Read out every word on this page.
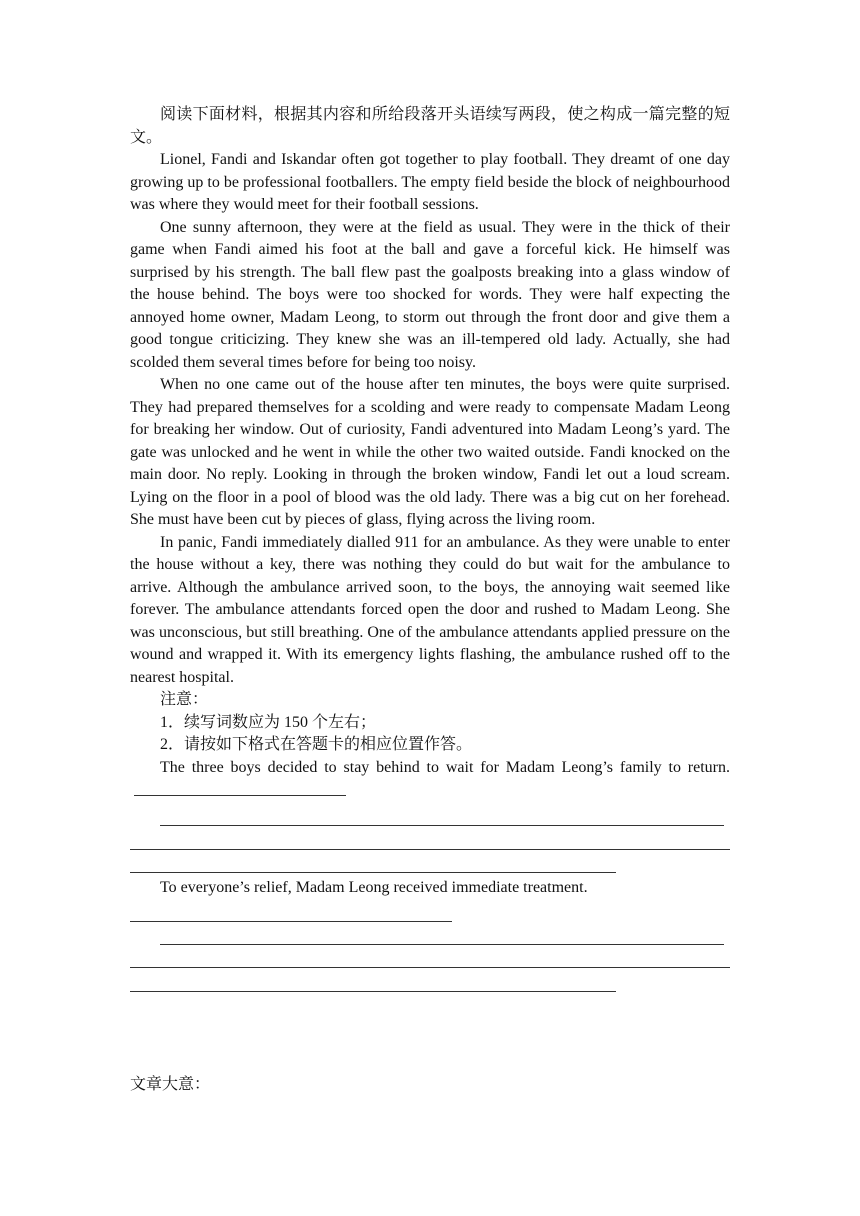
阅读下面材料，根据其内容和所给段落开头语续写两段，使之构成一篇完整的短文。

Lionel, Fandi and Iskandar often got together to play football. They dreamt of one day growing up to be professional footballers. The empty field beside the block of neighbourhood was where they would meet for their football sessions.

One sunny afternoon, they were at the field as usual. They were in the thick of their game when Fandi aimed his foot at the ball and gave a forceful kick. He himself was surprised by his strength. The ball flew past the goalposts breaking into a glass window of the house behind. The boys were too shocked for words. They were half expecting the annoyed home owner, Madam Leong, to storm out through the front door and give them a good tongue criticizing. They knew she was an ill-tempered old lady. Actually, she had scolded them several times before for being too noisy.

When no one came out of the house after ten minutes, the boys were quite surprised. They had prepared themselves for a scolding and were ready to compensate Madam Leong for breaking her window. Out of curiosity, Fandi adventured into Madam Leong’s yard. The gate was unlocked and he went in while the other two waited outside. Fandi knocked on the main door. No reply. Looking in through the broken window, Fandi let out a loud scream. Lying on the floor in a pool of blood was the old lady. There was a big cut on her forehead. She must have been cut by pieces of glass, flying across the living room.

In panic, Fandi immediately dialled 911 for an ambulance. As they were unable to enter the house without a key, there was nothing they could do but wait for the ambulance to arrive. Although the ambulance arrived soon, to the boys, the annoying wait seemed like forever. The ambulance attendants forced open the door and rushed to Madam Leong. She was unconscious, but still breathing. One of the ambulance attendants applied pressure on the wound and wrapped it. With its emergency lights flashing, the ambulance rushed off to the nearest hospital.

注意：

1．续写词数应为 150 个左右；

2．请按如下格式在答题卡的相应位置作答。

The three boys decided to stay behind to wait for Madam Leong’s family to return.

To everyone’s relief, Madam Leong received immediate treatment.

文章大意：
